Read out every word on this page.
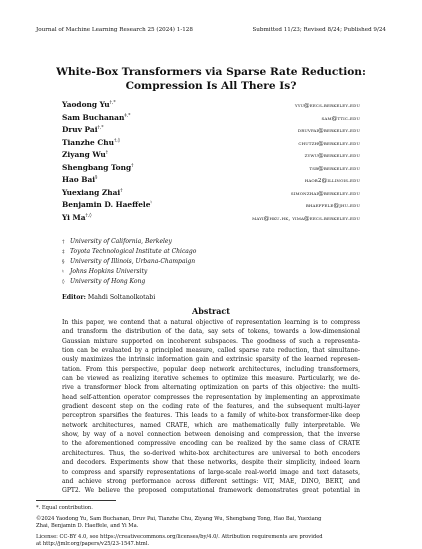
Journal of Machine Learning Research 25 (2024) 1-128	Submitted 11/23; Revised 8/24; Published 9/24
White-Box Transformers via Sparse Rate Reduction:
Compression Is All There Is?
Yaodong Yu†,*	yyu@eecs.berkeley.edu
Sam Buchanan‡,*	sam@ttic.edu
Druv Pai†,*	druvpai@berkeley.edu
Tianzhe Chu†,◊	chutzh@berkeley.edu
Ziyang Wu†	zywu@berkeley.edu
Shengbang Tong†	tsb@berkeley.edu
Hao Bai§	haob2@illinois.edu
Yuexiang Zhai†	simonzhai@berkeley.edu
Benjamin D. Haeffele♮	bhaeffele@jhu.edu
Yi Ma†,◊	mayi@hku.hk, yima@eecs.berkeley.edu
† University of California, Berkeley
‡ Toyota Technological Institute at Chicago
§ University of Illinois, Urbana-Champaign
♮ Johns Hopkins University
◊ University of Hong Kong
Editor: Mahdi Soltanolkotabi
Abstract
In this paper, we contend that a natural objective of representation learning is to compress
and transform the distribution of the data, say sets of tokens, towards a low-dimensional
Gaussian mixture supported on incoherent subspaces. The goodness of such a representa-
tion can be evaluated by a principled measure, called sparse rate reduction, that simultane-
ously maximizes the intrinsic information gain and extrinsic sparsity of the learned represen-
tation. From this perspective, popular deep network architectures, including transformers,
can be viewed as realizing iterative schemes to optimize this measure. Particularly, we de-
rive a transformer block from alternating optimization on parts of this objective: the multi-
head self-attention operator compresses the representation by implementing an approximate
gradient descent step on the coding rate of the features, and the subsequent multi-layer
perceptron sparsifies the features. This leads to a family of white-box transformer-like deep
network architectures, named CRATE, which are mathematically fully interpretable. We
show, by way of a novel connection between denoising and compression, that the inverse
to the aforementioned compressive encoding can be realized by the same class of CRATE
architectures. Thus, the so-derived white-box architectures are universal to both encoders
and decoders. Experiments show that these networks, despite their simplicity, indeed learn
to compress and sparsify representations of large-scale real-world image and text datasets,
and achieve strong performance across different settings: ViT, MAE, DINO, BERT, and
GPT2. We believe the proposed computational framework demonstrates great potential in
*. Equal contribution.
©2024 Yaodong Yu, Sam Buchanan, Druv Pai, Tianzhe Chu, Ziyang Wu, Shengbang Tong, Hao Bai, Yuexiang
Zhai, Benjamin D. Haeffele, and Yi Ma.
License: CC-BY 4.0, see https://creativecommons.org/licenses/by/4.0/. Attribution requirements are provided
at http://jmlr.org/papers/v25/23-1547.html.
